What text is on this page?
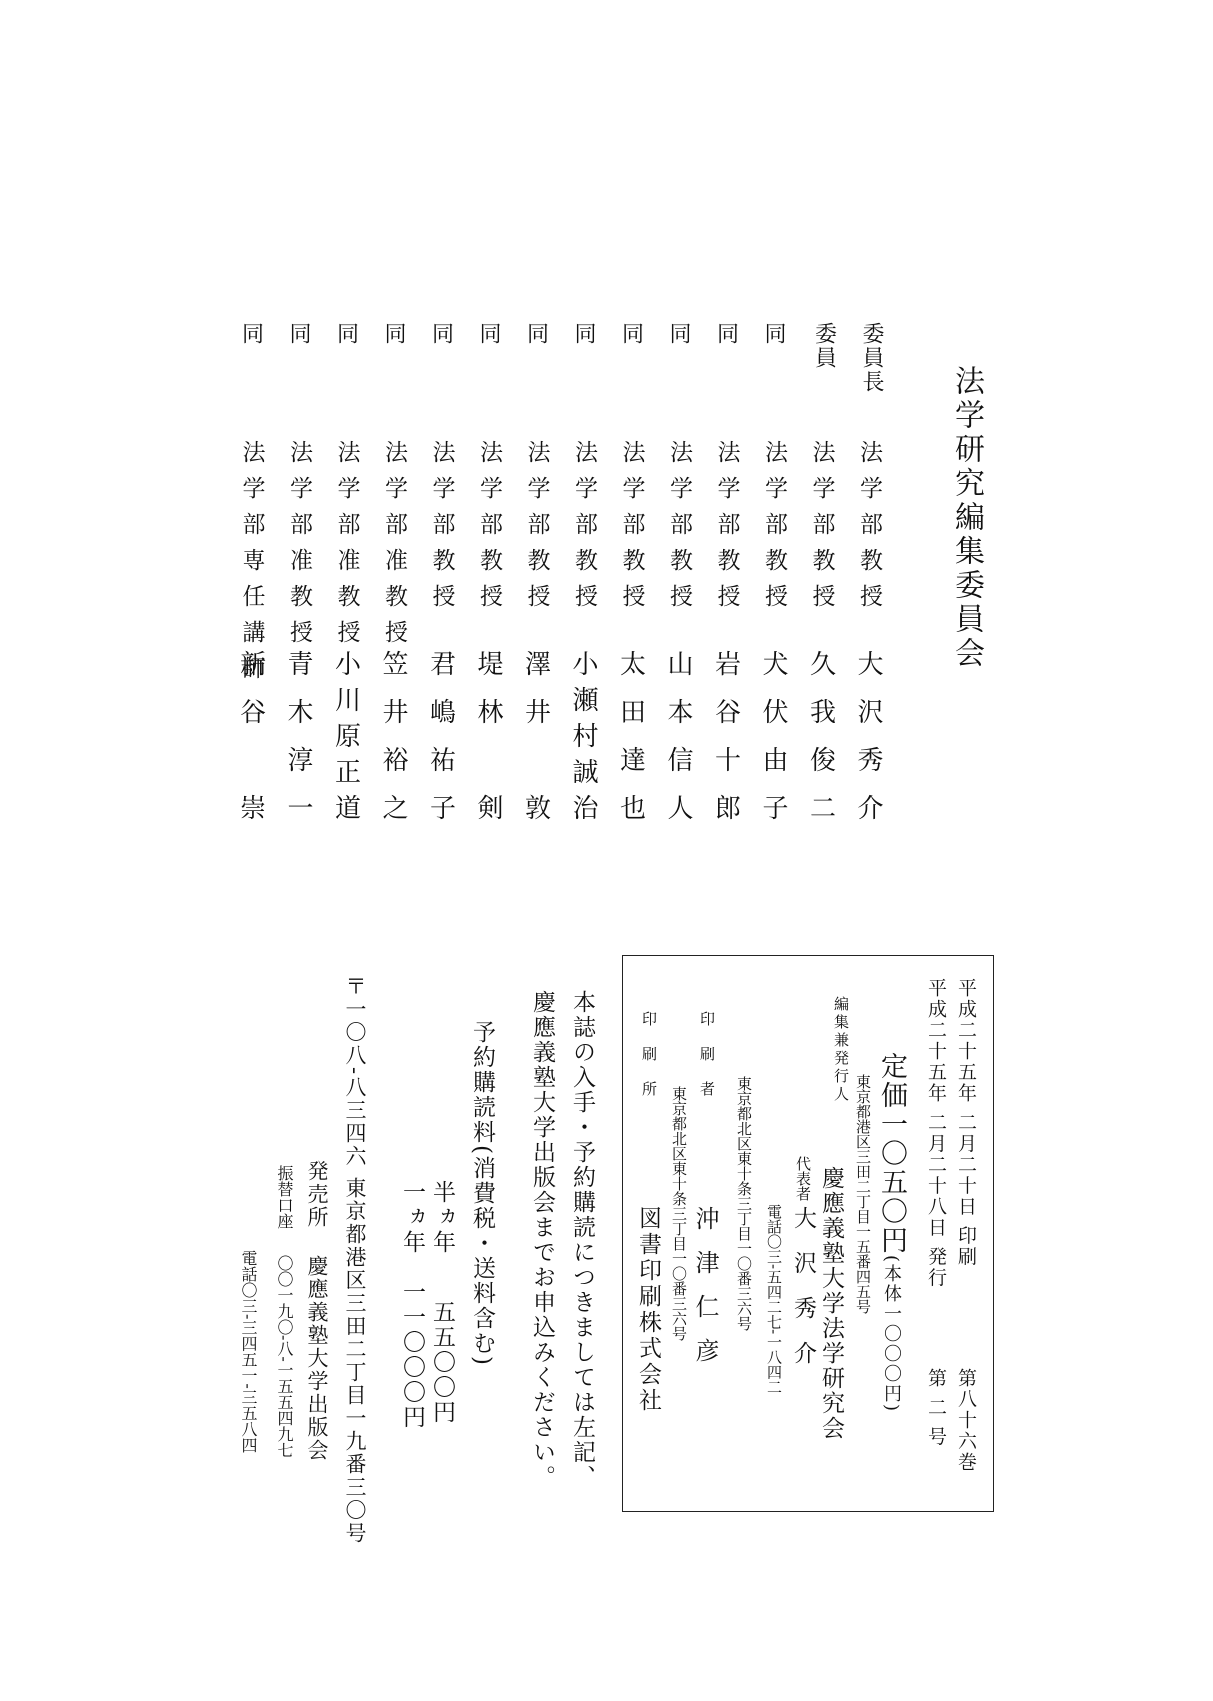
法学研究編集委員会
委員長
法学部教授
大沢秀介
委員
法学部教授
久我俊二
同
法学部教授
犬伏由子
同
法学部教授
岩谷十郎
同
法学部教授
山本信人
同
法学部教授
太田達也
同
法学部教授
小瀬村誠治
同
法学部教授
澤井　敦
同
法学部教授
堤林　剣
同
法学部教授
君嶋祐子
同
法学部准教授
笠井裕之
同
法学部准教授
小川原正道
同
法学部准教授
青木淳一
同
法学部専任講師
新谷　崇
平成二十五年 二月二十日 印刷
第八十六巻
平成二十五年 二月二十八日 発行
第 二 号
定価一〇五〇円(本体一〇〇〇円)
東京都港区三田二丁目一五番四五号
編集兼発行人
慶應義塾大学法学研究会
代表者
大沢秀介
電話〇三-五四二七-一八四二
東京都北区東十条三丁目一〇番三六号
印刷者
沖津仁彦
東京都北区東十条三丁目一〇番三六号
印刷所
図書印刷株式会社
本誌の入手・予約購読につきましては左記、
慶應義塾大学出版会までお申込みください。
予約購読料(消費税・送料含む)
半ヵ年
五五〇〇円
一ヵ年
一一〇〇〇円
〒一〇八-八三四六 東京都港区三田二丁目一九番三〇号
発売所
慶應義塾大学出版会
振替口座
〇〇一九〇-八-一五五四九七
電話〇三-三四五一-三五八四
